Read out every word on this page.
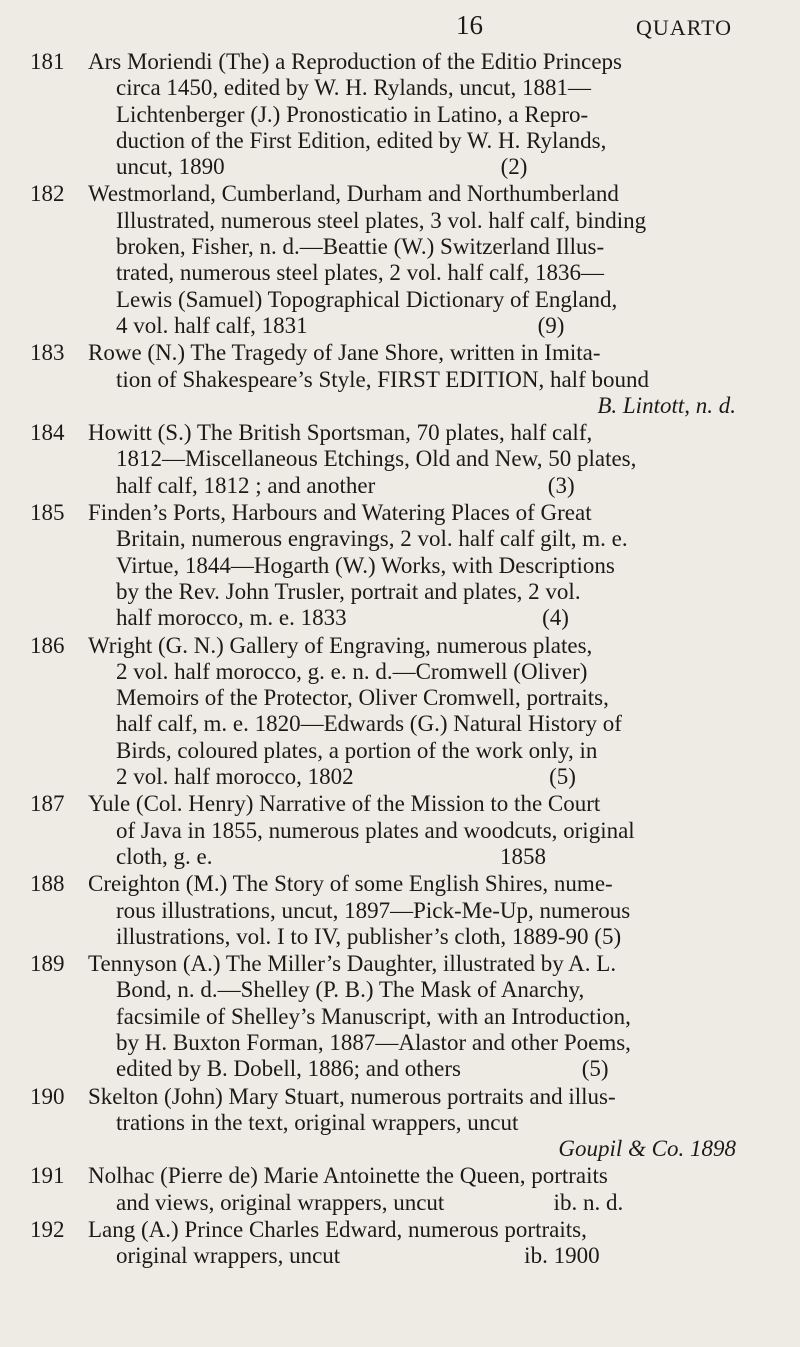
16	QUARTO
181	Ars Moriendi (The) a Reproduction of the Editio Princeps
circa 1450, edited by W. H. Rylands, uncut, 1881—
Lichtenberger (J.) Pronosticatio in Latino, a Repro-
duction of the First Edition, edited by W. H. Rylands,
uncut, 1890                                                (2)
182	Westmorland, Cumberland, Durham and Northumberland
Illustrated, numerous steel plates, 3 vol. half calf, binding
broken, Fisher, n. d.—Beattie (W.) Switzerland Illus-
trated, numerous steel plates, 2 vol. half calf, 1836—
Lewis (Samuel) Topographical Dictionary of England,
4 vol. half calf, 1831                                        (9)
183	Rowe (N.) The Tragedy of Jane Shore, written in Imita-
tion of Shakespeare’s Style, FIRST EDITION, half bound
B. Lintott, n. d.
184	Howitt (S.) The British Sportsman, 70 plates, half calf,
1812—Miscellaneous Etchings, Old and New, 50 plates,
half calf, 1812 ; and another                              (3)
185	Finden’s Ports, Harbours and Watering Places of Great
Britain, numerous engravings, 2 vol. half calf gilt, m. e.
Virtue, 1844—Hogarth (W.) Works, with Descriptions
by the Rev. John Trusler, portrait and plates, 2 vol.
half morocco, m. e. 1833                                  (4)
186	Wright (G. N.) Gallery of Engraving, numerous plates,
2 vol. half morocco, g. e. n. d.—Cromwell (Oliver)
Memoirs of the Protector, Oliver Cromwell, portraits,
half calf, m. e. 1820—Edwards (G.) Natural History of
Birds, coloured plates, a portion of the work only, in
2 vol. half morocco, 1802                                  (5)
187	Yule (Col. Henry) Narrative of the Mission to the Court
of Java in 1855, numerous plates and woodcuts, original
cloth, g. e.                                                  1858
188	Creighton (M.) The Story of some English Shires, nume-
rous illustrations, uncut, 1897—Pick-Me-Up, numerous
illustrations, vol. I to IV, publisher’s cloth, 1889-90 (5)
189	Tennyson (A.) The Miller’s Daughter, illustrated by A. L.
Bond, n. d.—Shelley (P. B.) The Mask of Anarchy,
facsimile of Shelley’s Manuscript, with an Introduction,
by H. Buxton Forman, 1887—Alastor and other Poems,
edited by B. Dobell, 1886; and others                     (5)
190	Skelton (John) Mary Stuart, numerous portraits and illus-
trations in the text, original wrappers, uncut
Goupil & Co. 1898
191	Nolhac (Pierre de) Marie Antoinette the Queen, portraits
and views, original wrappers, uncut                   ib. n. d.
192	Lang (A.) Prince Charles Edward, numerous portraits,
original wrappers, uncut                                ib. 1900
